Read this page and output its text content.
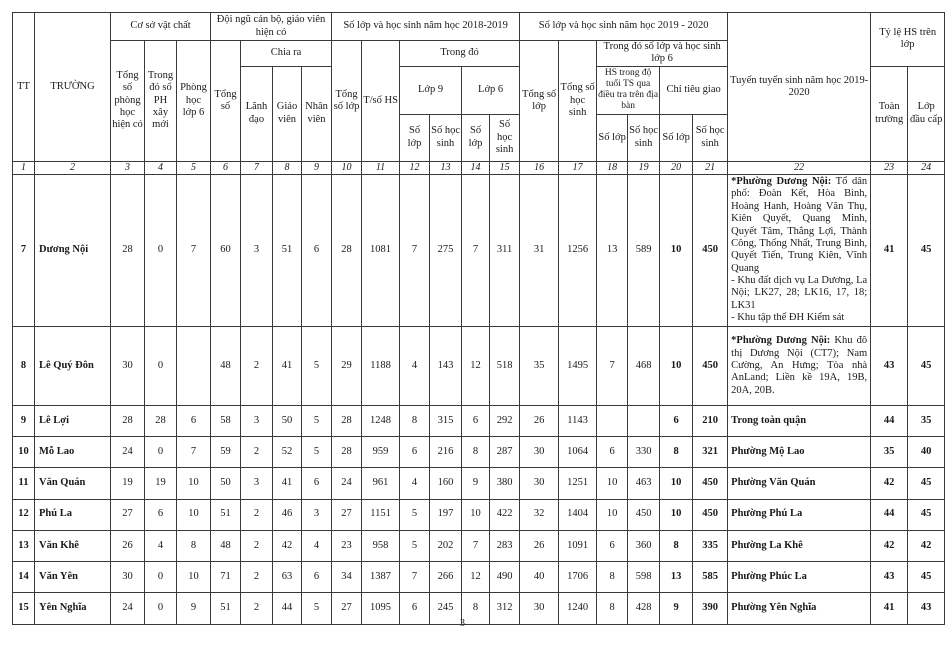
TT	TRƯỜNG	Cơ sở vật chất			Đội ngũ cán bộ, giáo viên hiện có				Số lớp và học sinh năm học 2018-2019						Số lớp và học sinh năm học 2019 - 2020						Tuyến tuyển sinh năm học 2019-2020	Tỷ lệ HS trên lớp	
		Tổng số phòng học hiện có	Trong đó số PH xây mới	Phòng học lớp 6	Tổng số	Chia ra			Tổng số lớp	T/số HS	Trong đó				Tổng số lớp	Tổng số học sinh	Trong đó số lớp và học sinh lớp 6						
						Lãnh đạo	Giáo viên	Nhân viên			Lớp 9		Lớp 6				HS trong độ tuổi TS qua điều tra trên địa bàn		Chỉ tiêu giao			Toàn trường	Lớp đầu cấp
											Số lớp	Số học sinh	Số lớp	Số học sinh			Số lớp	Số học sinh	Số lớp	Số học sinh			
1	2	3	4	5	6	7	8	9	10	11	12	13	14	15	16	17	18	19	20	21	22	23	24
7	Dương Nội	28	0	7	60	3	51	6	28	1081	7	275	7	311	31	1256	13	589	10	450	*Phường Dương Nội: Tổ dân phố: Đoàn Kết, Hòa Bình, Hoàng Hanh, Hoàng Văn Thụ, Kiên Quyết, Quang Minh, Quyết Tâm, Thắng Lợi, Thành Công, Thống Nhất, Trung Bình, Quyết Tiến, Trung Kiên, Vĩnh Quang
- Khu đất dịch vụ La Dương, La Nội; LK27, 28; LK16, 17, 18; LK31
- Khu tập thể ĐH Kiểm sát	41	45
8	Lê Quý Đôn	30	0		48	2	41	5	29	1188	4	143	12	518	35	1495	7	468	10	450	*Phường Dương Nội: Khu đô thị Dương Nội (CT7); Nam Cường, An Hưng; Tòa nhà AnLand; Liền kề 19A, 19B, 20A, 20B.	43	45
9	Lê Lợi	28	28	6	58	3	50	5	28	1248	8	315	6	292	26	1143			6	210	Trong toàn quận	44	35
10	Mỗ Lao	24	0	7	59	2	52	5	28	959	6	216	8	287	30	1064	6	330	8	321	Phường Mộ Lao	35	40
11	Văn Quán	19	19	10	50	3	41	6	24	961	4	160	9	380	30	1251	10	463	10	450	Phường Văn Quán	42	45
12	Phú La	27	6	10	51	2	46	3	27	1151	5	197	10	422	32	1404	10	450	10	450	Phường Phú La	44	45
13	Văn Khê	26	4	8	48	2	42	4	23	958	5	202	7	283	26	1091	6	360	8	335	Phường La Khê	42	42
14	Văn Yên	30	0	10	71	2	63	6	34	1387	7	266	12	490	40	1706	8	598	13	585	Phường Phúc La	43	45
15	Yên Nghĩa	24	0	9	51	2	44	5	27	1095	6	245	8	312	30	1240	8	428	9	390	Phường Yên Nghĩa	41	43
3
